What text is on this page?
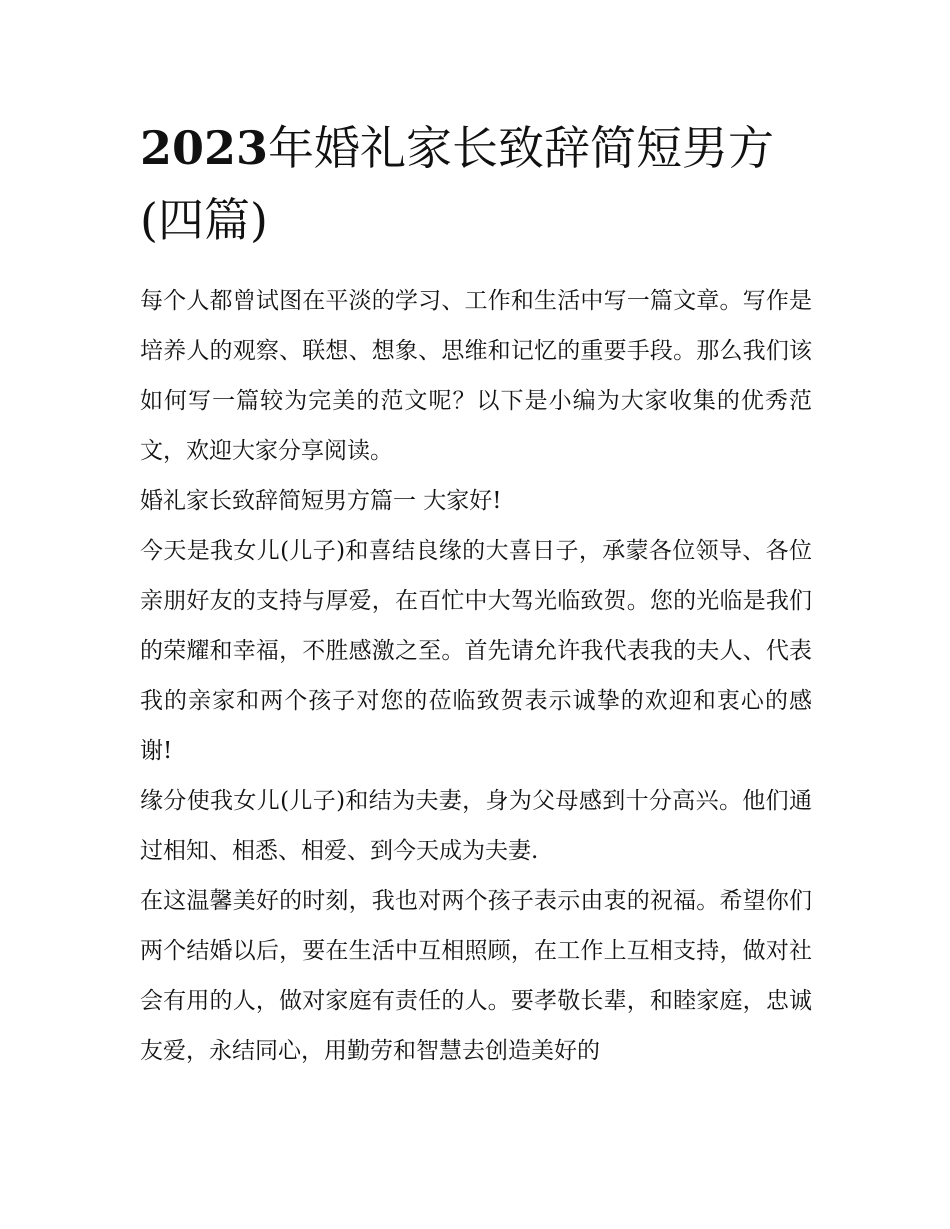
2023年婚礼家长致辞简短男方(四篇)

每个人都曾试图在平淡的学习、工作和生活中写一篇文章。写作是培养人的观察、联想、想象、思维和记忆的重要手段。那么我们该如何写一篇较为完美的范文呢？以下是小编为大家收集的优秀范文，欢迎大家分享阅读。

婚礼家长致辞简短男方篇一 大家好!

今天是我女儿(儿子)和喜结良缘的大喜日子，承蒙各位领导、各位亲朋好友的支持与厚爱，在百忙中大驾光临致贺。您的光临是我们的荣耀和幸福，不胜感激之至。首先请允许我代表我的夫人、代表我的亲家和两个孩子对您的莅临致贺表示诚挚的欢迎和衷心的感谢!

缘分使我女儿(儿子)和结为夫妻，身为父母感到十分高兴。他们通过相知、相悉、相爱、到今天成为夫妻.

在这温馨美好的时刻，我也对两个孩子表示由衷的祝福。希望你们两个结婚以后，要在生活中互相照顾，在工作上互相支持，做对社会有用的人，做对家庭有责任的人。要孝敬长辈，和睦家庭，忠诚友爱，永结同心，用勤劳和智慧去创造美好的
